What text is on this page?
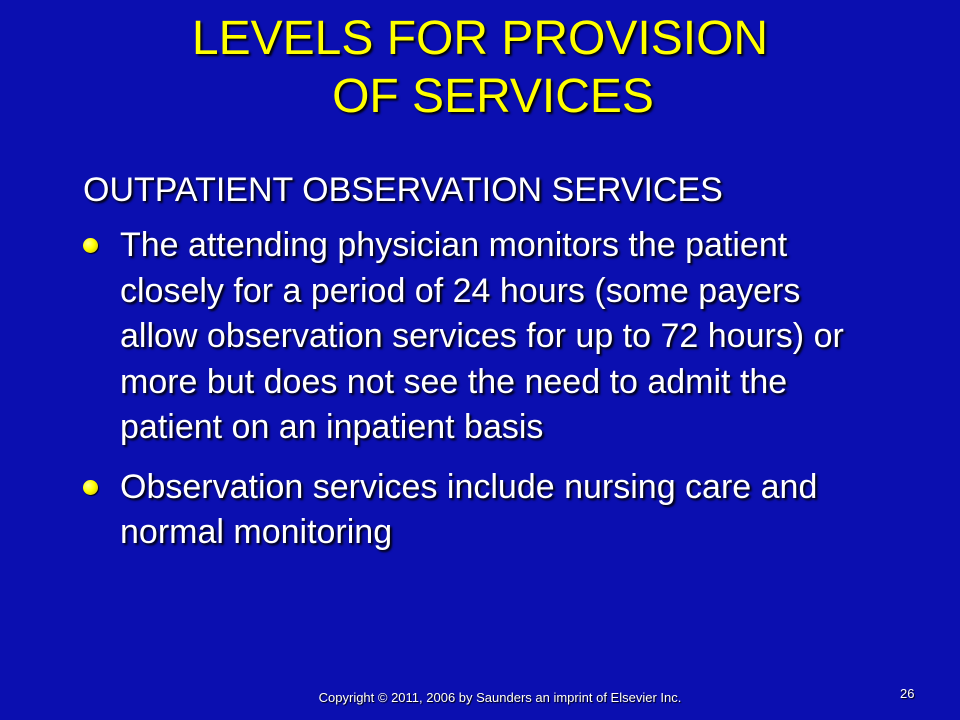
LEVELS FOR PROVISION
OF SERVICES
OUTPATIENT OBSERVATION SERVICES
The attending physician monitors the patient closely for a period of 24 hours (some payers allow observation services for up to 72 hours) or more but does not see the need to admit the patient on an inpatient basis
Observation services include nursing care and normal monitoring
Copyright © 2011, 2006 by Saunders an imprint of Elsevier Inc.	26
